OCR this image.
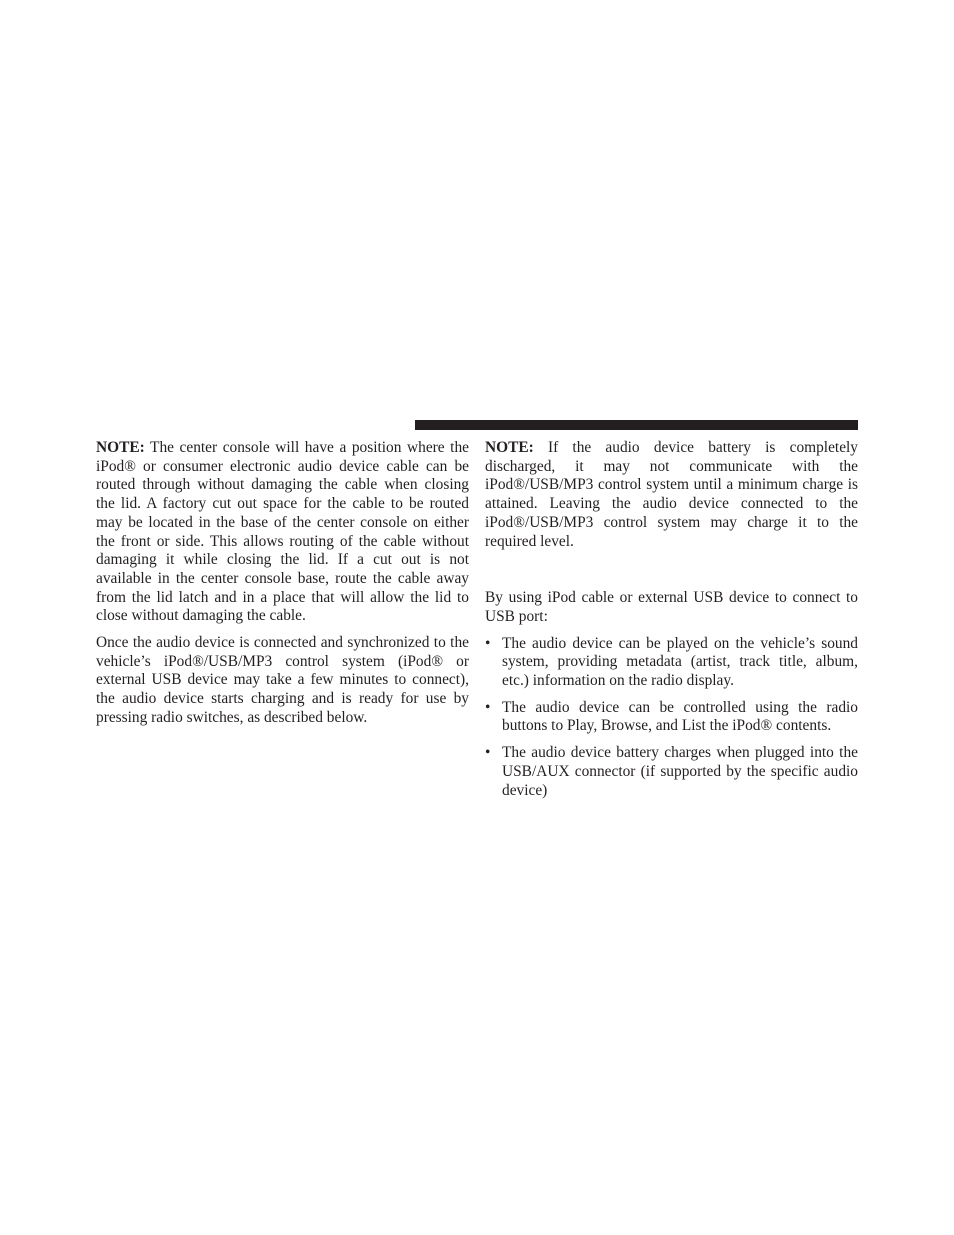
NOTE: The center console will have a position where the iPod® or consumer electronic audio device cable can be routed through without damaging the cable when closing the lid. A factory cut out space for the cable to be routed may be located in the base of the center console on either the front or side. This allows routing of the cable without damaging it while closing the lid. If a cut out is not available in the center console base, route the cable away from the lid latch and in a place that will allow the lid to close without damaging the cable.

Once the audio device is connected and synchronized to the vehicle’s iPod®/USB/MP3 control system (iPod® or external USB device may take a few minutes to connect), the audio device starts charging and is ready for use by pressing radio switches, as described below.

NOTE: If the audio device battery is completely discharged, it may not communicate with the iPod®/USB/MP3 control system until a minimum charge is attained. Leaving the audio device connected to the iPod®/USB/MP3 control system may charge it to the required level.

By using iPod cable or external USB device to connect to USB port:

• The audio device can be played on the vehicle’s sound system, providing metadata (artist, track title, album, etc.) information on the radio display.
• The audio device can be controlled using the radio buttons to Play, Browse, and List the iPod® contents.
• The audio device battery charges when plugged into the USB/AUX connector (if supported by the specific audio device)
